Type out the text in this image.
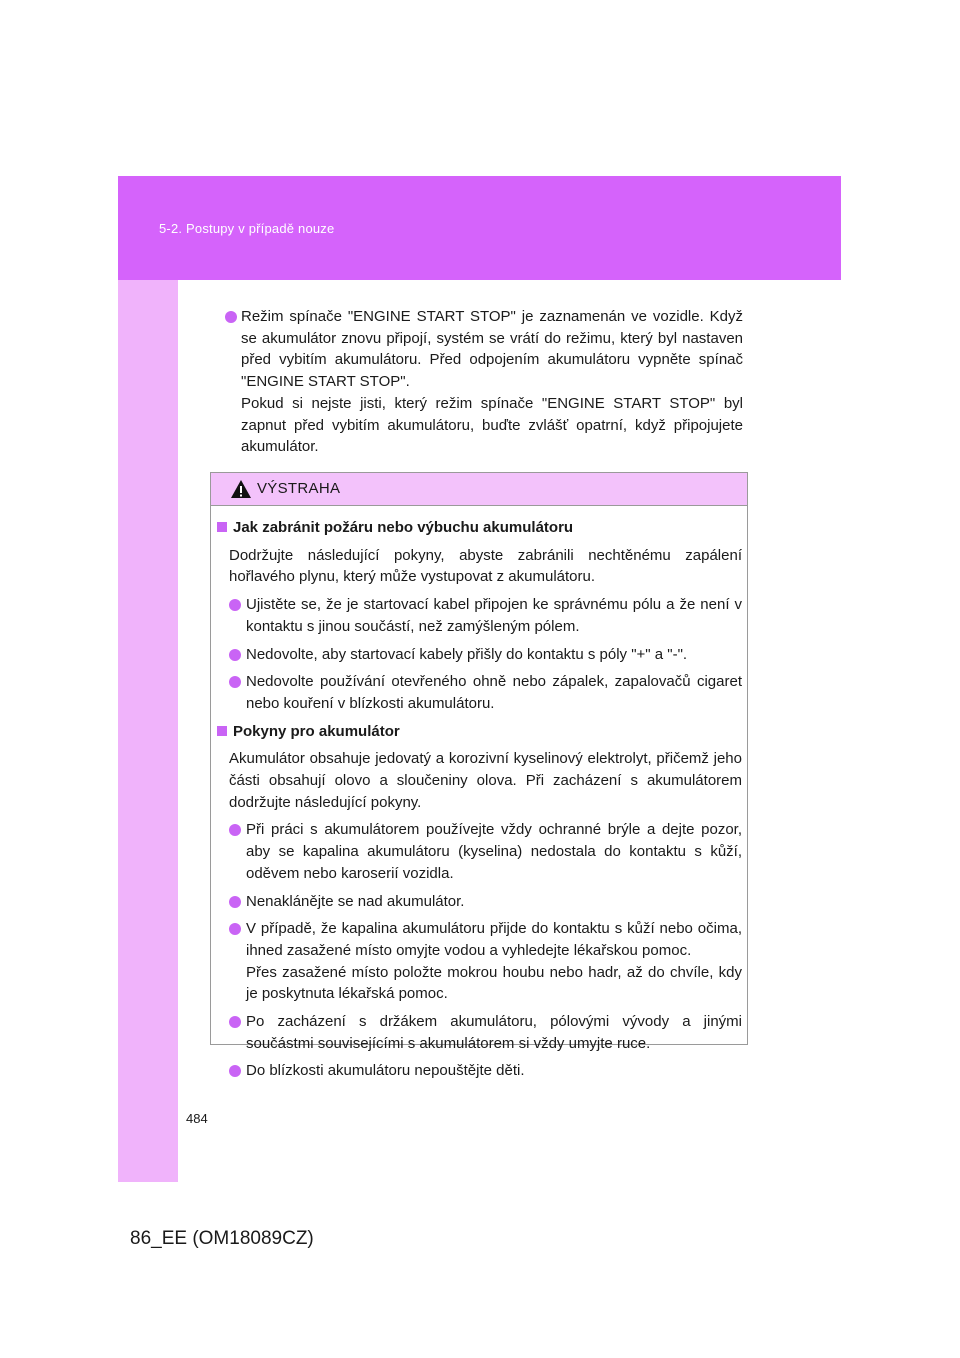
5-2. Postupy v případě nouze

Režim spínače "ENGINE START STOP" je zaznamenán ve vozidle. Když se akumulátor znovu připojí, systém se vrátí do režimu, který byl nastaven před vybitím akumulátoru. Před odpojením akumulátoru vypněte spínač "ENGINE START STOP".

Pokud si nejste jisti, který režim spínače "ENGINE START STOP" byl zapnut před vybitím akumulátoru, buďte zvlášť opatrní, když připojujete akumulátor.

VÝSTRAHA
Jak zabránit požáru nebo výbuchu akumulátoru
Dodržujte následující pokyny, abyste zabránili nechtěnému zapálení hořlavého plynu, který může vystupovat z akumulátoru.

Ujistěte se, že je startovací kabel připojen ke správnému pólu a že není v kontaktu s jinou součástí, než zamýšleným pólem.

Nedovolte, aby startovací kabely přišly do kontaktu s póly "+" a "-".

Nedovolte používání otevřeného ohně nebo zápalek, zapalovačů cigaret nebo kouření v blízkosti akumulátoru.

Pokyny pro akumulátor
Akumulátor obsahuje jedovatý a korozivní kyselinový elektrolyt, přičemž jeho části obsahují olovo a sloučeniny olova. Při zacházení s akumulátorem dodržujte následující pokyny.

Při práci s akumulátorem používejte vždy ochranné brýle a dejte pozor, aby se kapalina akumulátoru (kyselina) nedostala do kontaktu s kůží, oděvem nebo karoserií vozidla.

Nenaklánějte se nad akumulátor.

V případě, že kapalina akumulátoru přijde do kontaktu s kůží nebo očima, ihned zasažené místo omyjte vodou a vyhledejte lékařskou pomoc.

Přes zasažené místo položte mokrou houbu nebo hadr, až do chvíle, kdy je poskytnuta lékařská pomoc.

Po zacházení s držákem akumulátoru, pólovými vývody a jinými součástmi souvisejícími s akumulátorem si vždy umyjte ruce.

Do blízkosti akumulátoru nepouštějte děti.

484
86_EE (OM18089CZ)
